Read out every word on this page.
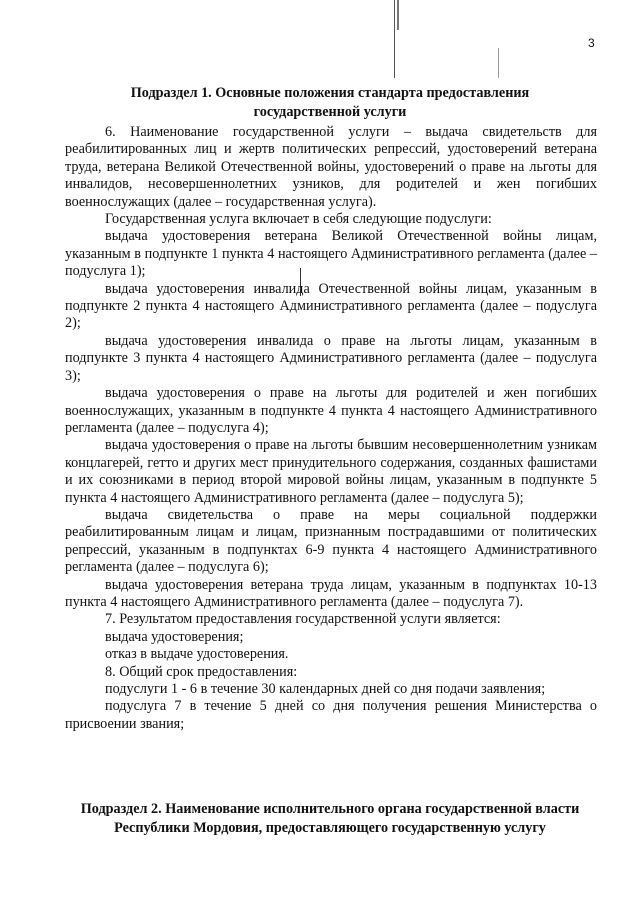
3
Подраздел 1. Основные положения стандарта предоставления
государственной услуги

6. Наименование государственной услуги – выдача свидетельств для реабилитированных лиц и жертв политических репрессий, удостоверений ветерана труда, ветерана Великой Отечественной войны, удостоверений о праве на льготы для инвалидов, несовершеннолетних узников, для родителей и жен погибших военнослужащих (далее – государственная услуга).

Государственная услуга включает в себя следующие подуслуги:

выдача удостоверения ветерана Великой Отечественной войны лицам, указанным в подпункте 1 пункта 4 настоящего Административного регламента (далее – подуслуга 1);

выдача удостоверения инвалида Отечественной войны лицам, указанным в подпункте 2 пункта 4 настоящего Административного регламента (далее – подуслуга 2);

выдача удостоверения инвалида о праве на льготы лицам, указанным в подпункте 3 пункта 4 настоящего Административного регламента (далее – подуслуга 3);

выдача удостоверения о праве на льготы для родителей и жен погибших военнослужащих, указанным в подпункте 4 пункта 4 настоящего Административного регламента (далее – подуслуга 4);

выдача удостоверения о праве на льготы бывшим несовершеннолетним узникам концлагерей, гетто и других мест принудительного содержания, созданных фашистами и их союзниками в период второй мировой войны лицам, указанным в подпункте 5 пункта 4 настоящего Административного регламента (далее – подуслуга 5);

выдача свидетельства о праве на меры социальной поддержки реабилитированным лицам и лицам, признанным пострадавшими от политических репрессий, указанным в подпунктах 6-9 пункта 4 настоящего Административного регламента (далее – подуслуга 6);

выдача удостоверения ветерана труда лицам, указанным в подпунктах 10-13 пункта 4 настоящего Административного регламента (далее – подуслуга 7).

7. Результатом предоставления государственной услуги является:

выдача удостоверения;

отказ в выдаче удостоверения.

8. Общий срок предоставления:

подуслуги 1 - 6 в течение 30 календарных дней со дня подачи заявления;

подуслуга 7 в течение 5 дней со дня получения решения Министерства о присвоении звания;

Подраздел 2. Наименование исполнительного органа государственной власти
Республики Мордовия, предоставляющего государственную услугу
